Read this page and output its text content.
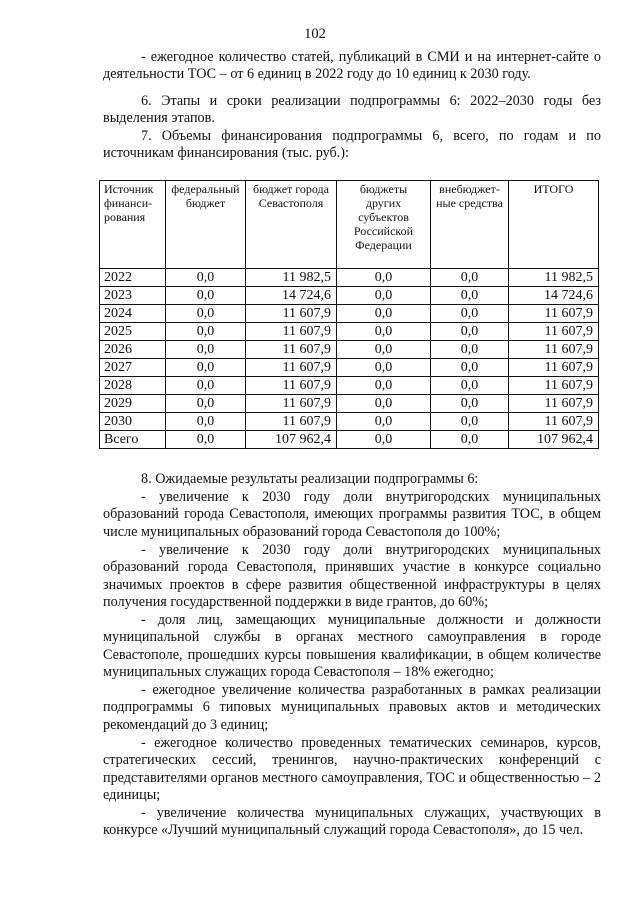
102
- ежегодное количество статей, публикаций в СМИ и на интернет-сайте о деятельности ТОС – от 6 единиц в 2022 году до 10 единиц к 2030 году.
6. Этапы и сроки реализации подпрограммы 6: 2022–2030 годы без выделения этапов.
7. Объемы финансирования подпрограммы 6, всего, по годам и по источникам финансирования (тыс. руб.):
Источник финанси-рования	федеральный бюджет	бюджет города Севастополя	бюджеты других субъектов Российской Федерации	внебюджет-ные средства	ИТОГО
2022	0,0	11 982,5	0,0	0,0	11 982,5
2023	0,0	14 724,6	0,0	0,0	14 724,6
2024	0,0	11 607,9	0,0	0,0	11 607,9
2025	0,0	11 607,9	0,0	0,0	11 607,9
2026	0,0	11 607,9	0,0	0,0	11 607,9
2027	0,0	11 607,9	0,0	0,0	11 607,9
2028	0,0	11 607,9	0,0	0,0	11 607,9
2029	0,0	11 607,9	0,0	0,0	11 607,9
2030	0,0	11 607,9	0,0	0,0	11 607,9
Всего	0,0	107 962,4	0,0	0,0	107 962,4
8. Ожидаемые результаты реализации подпрограммы 6:
- увеличение к 2030 году доли внутригородских муниципальных образований города Севастополя, имеющих программы развития ТОС, в общем числе муниципальных образований города Севастополя до 100%;
- увеличение к 2030 году доли внутригородских муниципальных образований города Севастополя, принявших участие в конкурсе социально значимых проектов в сфере развития общественной инфраструктуры в целях получения государственной поддержки в виде грантов, до 60%;
- доля лиц, замещающих муниципальные должности и должности муниципальной службы в органах местного самоуправления в городе Севастополе, прошедших курсы повышения квалификации, в общем количестве муниципальных служащих города Севастополя – 18% ежегодно;
- ежегодное увеличение количества разработанных в рамках реализации подпрограммы 6 типовых муниципальных правовых актов и методических рекомендаций до 3 единиц;
- ежегодное количество проведенных тематических семинаров, курсов, стратегических сессий, тренингов, научно-практических конференций с представителями органов местного самоуправления, ТОС и общественностью – 2 единицы;
- увеличение количества муниципальных служащих, участвующих в конкурсе «Лучший муниципальный служащий города Севастополя», до 15 чел.
